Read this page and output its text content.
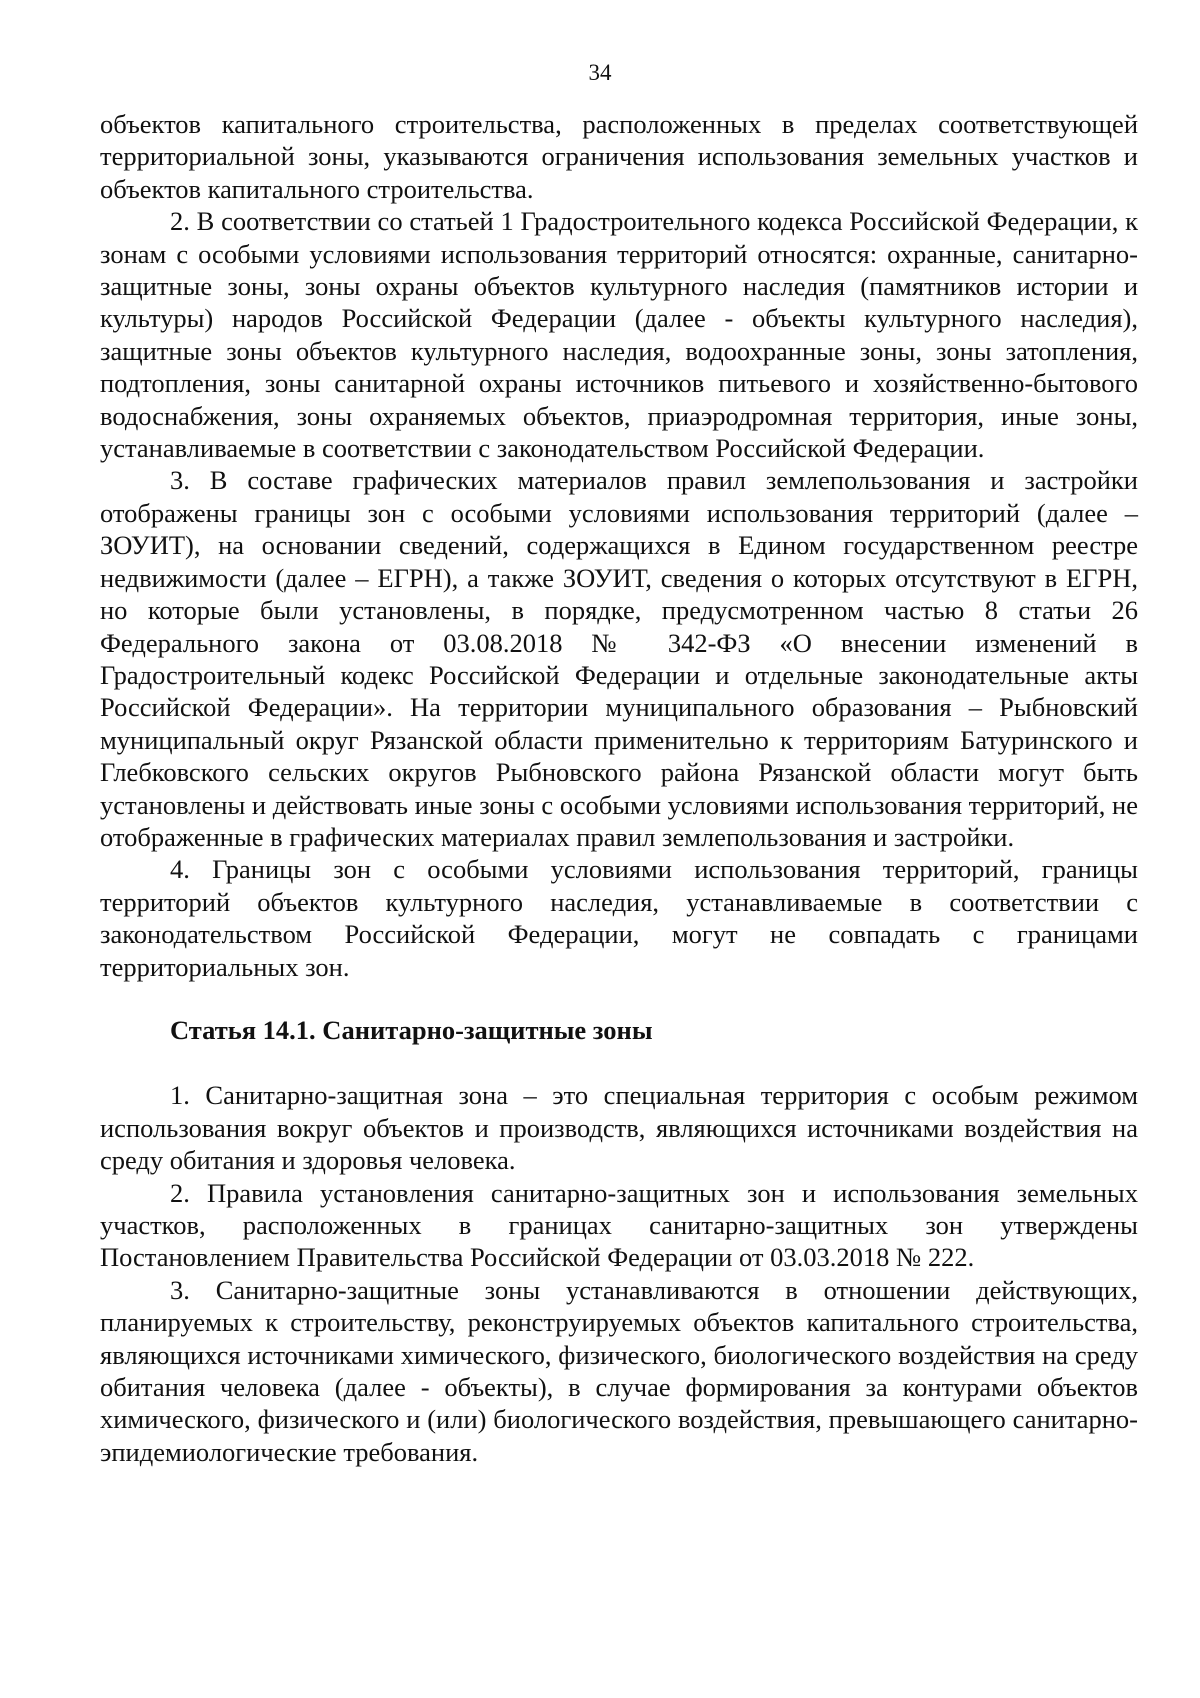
34

объектов капитального строительства, расположенных в пределах соответствующей территориальной зоны, указываются ограничения использования земельных участков и объектов капитального строительства.

2. В соответствии со статьей 1 Градостроительного кодекса Российской Федерации, к зонам с особыми условиями использования территорий относятся: охранные, санитарно-защитные зоны, зоны охраны объектов культурного наследия (памятников истории и культуры) народов Российской Федерации (далее - объекты культурного наследия), защитные зоны объектов культурного наследия, водоохранные зоны, зоны затопления, подтопления, зоны санитарной охраны источников питьевого и хозяйственно-бытового водоснабжения, зоны охраняемых объектов, приаэродромная территория, иные зоны, устанавливаемые в соответствии с законодательством Российской Федерации.

3. В составе графических материалов правил землепользования и застройки отображены границы зон с особыми условиями использования территорий (далее – ЗОУИТ), на основании сведений, содержащихся в Едином государственном реестре недвижимости (далее – ЕГРН), а также ЗОУИТ, сведения о которых отсутствуют в ЕГРН, но которые были установлены, в порядке, предусмотренном частью 8 статьи 26 Федерального закона от 03.08.2018 № 342-ФЗ «О внесении изменений в Градостроительный кодекс Российской Федерации и отдельные законодательные акты Российской Федерации». На территории муниципального образования – Рыбновский муниципальный округ Рязанской области применительно к территориям Батуринского и Глебковского сельских округов Рыбновского района Рязанской области могут быть установлены и действовать иные зоны с особыми условиями использования территорий, не отображенные в графических материалах правил землепользования и застройки.

4. Границы зон с особыми условиями использования территорий, границы территорий объектов культурного наследия, устанавливаемые в соответствии с законодательством Российской Федерации, могут не совпадать с границами территориальных зон.

Статья 14.1. Санитарно-защитные зоны

1. Санитарно-защитная зона – это специальная территория с особым режимом использования вокруг объектов и производств, являющихся источниками воздействия на среду обитания и здоровья человека.

2. Правила установления санитарно-защитных зон и использования земельных участков, расположенных в границах санитарно-защитных зон утверждены Постановлением Правительства Российской Федерации от 03.03.2018 № 222.

3. Санитарно-защитные зоны устанавливаются в отношении действующих, планируемых к строительству, реконструируемых объектов капитального строительства, являющихся источниками химического, физического, биологического воздействия на среду обитания человека (далее - объекты), в случае формирования за контурами объектов химического, физического и (или) биологического воздействия, превышающего санитарно-эпидемиологические требования.
